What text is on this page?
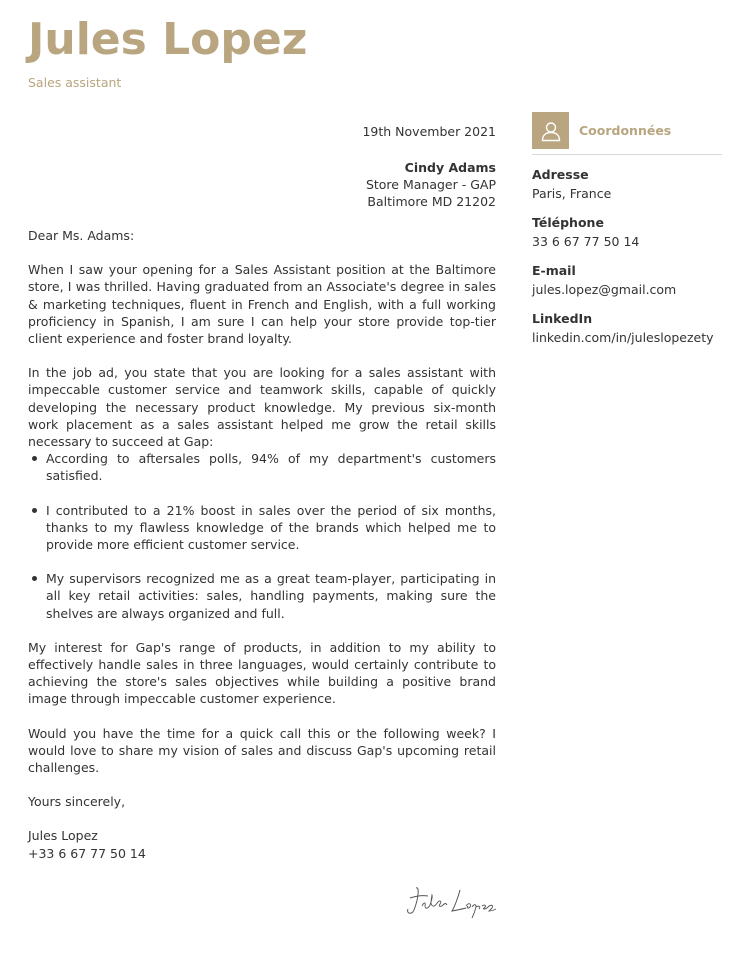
Jules Lopez
Sales assistant
19th November 2021
Cindy Adams
Store Manager - GAP
Baltimore MD 21202

Dear Ms. Adams:

When I saw your opening for a Sales Assistant position at the Baltimore store, I was thrilled. Having graduated from an Associate's degree in sales & marketing techniques, fluent in French and English, with a full working proficiency in Spanish, I am sure I can help your store provide top-tier client experience and foster brand loyalty.

In the job ad, you state that you are looking for a sales assistant with impeccable customer service and teamwork skills, capable of quickly developing the necessary product knowledge. My previous six-month work placement as a sales assistant helped me grow the retail skills necessary to succeed at Gap:

According to aftersales polls, 94% of my department's customers satisfied.
I contributed to a 21% boost in sales over the period of six months, thanks to my flawless knowledge of the brands which helped me to provide more efficient customer service.
My supervisors recognized me as a great team-player, participating in all key retail activities: sales, handling payments, making sure the shelves are always organized and full.

My interest for Gap's range of products, in addition to my ability to effectively handle sales in three languages, would certainly contribute to achieving the store's sales objectives while building a positive brand image through impeccable customer experience.

Would you have the time for a quick call this or the following week? I would love to share my vision of sales and discuss Gap's upcoming retail challenges.

Yours sincerely,

Jules Lopez

+33 6 67 77 50 14

Coordonnées
Adresse
Paris, France
Téléphone
33 6 67 77 50 14
E-mail
jules.lopez@gmail.com
LinkedIn
linkedin.com/in/juleslopezety
